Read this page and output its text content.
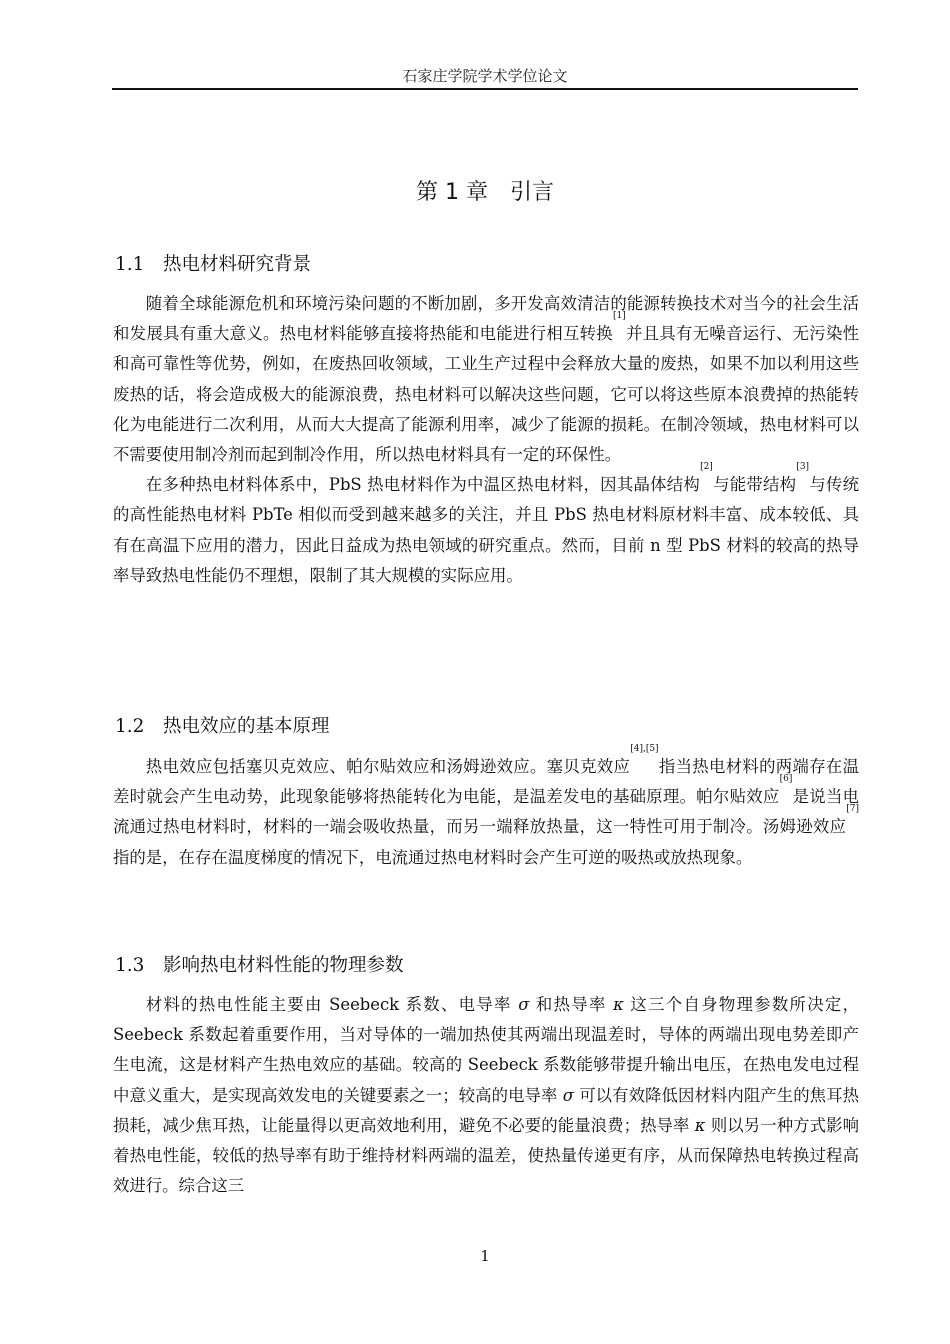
石家庄学院学术学位论文
第 1 章 引言
1.1 热电材料研究背景

随着全球能源危机和环境污染问题的不断加剧，多开发高效清洁的能源转换技术对当今的社会生活和发展具有重大意义。热电材料能够直接将热能和电能进行相互转换[1]并且具有无噪音运行、无污染性和高可靠性等优势，例如，在废热回收领域，工业生产过程中会释放大量的废热，如果不加以利用这些废热的话，将会造成极大的能源浪费，热电材料可以解决这些问题，它可以将这些原本浪费掉的热能转化为电能进行二次利用，从而大大提高了能源利用率，减少了能源的损耗。在制冷领域，热电材料可以不需要使用制冷剂而起到制冷作用，所以热电材料具有一定的环保性。

在多种热电材料体系中，PbS 热电材料作为中温区热电材料，因其晶体结构[2]与能带结构[3]与传统的高性能热电材料 PbTe 相似而受到越来越多的关注，并且 PbS 热电材料原材料丰富、成本较低、具有在高温下应用的潜力，因此日益成为热电领域的研究重点。然而，目前 n 型 PbS 材料的较高的热导率导致热电性能仍不理想，限制了其大规模的实际应用。

1.2 热电效应的基本原理

热电效应包括塞贝克效应、帕尔贴效应和汤姆逊效应。塞贝克效应[4],[5]指当热电材料的两端存在温差时就会产生电动势，此现象能够将热能转化为电能，是温差发电的基础原理。帕尔贴效应[6]是说当电流通过热电材料时，材料的一端会吸收热量，而另一端释放热量，这一特性可用于制冷。汤姆逊效应[7]指的是，在存在温度梯度的情况下，电流通过热电材料时会产生可逆的吸热或放热现象。

1.3 影响热电材料性能的物理参数

材料的热电性能主要由 Seebeck 系数、电导率 σ 和热导率 κ 这三个自身物理参数所决定，Seebeck 系数起着重要作用，当对导体的一端加热使其两端出现温差时，导体的两端出现电势差即产生电流，这是材料产生热电效应的基础。较高的 Seebeck 系数能够带提升输出电压，在热电发电过程中意义重大，是实现高效发电的关键要素之一；较高的电导率 σ 可以有效降低因材料内阻产生的焦耳热损耗，减少焦耳热，让能量得以更高效地利用，避免不必要的能量浪费；热导率 κ 则以另一种方式影响着热电性能，较低的热导率有助于维持材料两端的温差，使热量传递更有序，从而保障热电转换过程高效进行。综合这三

1
